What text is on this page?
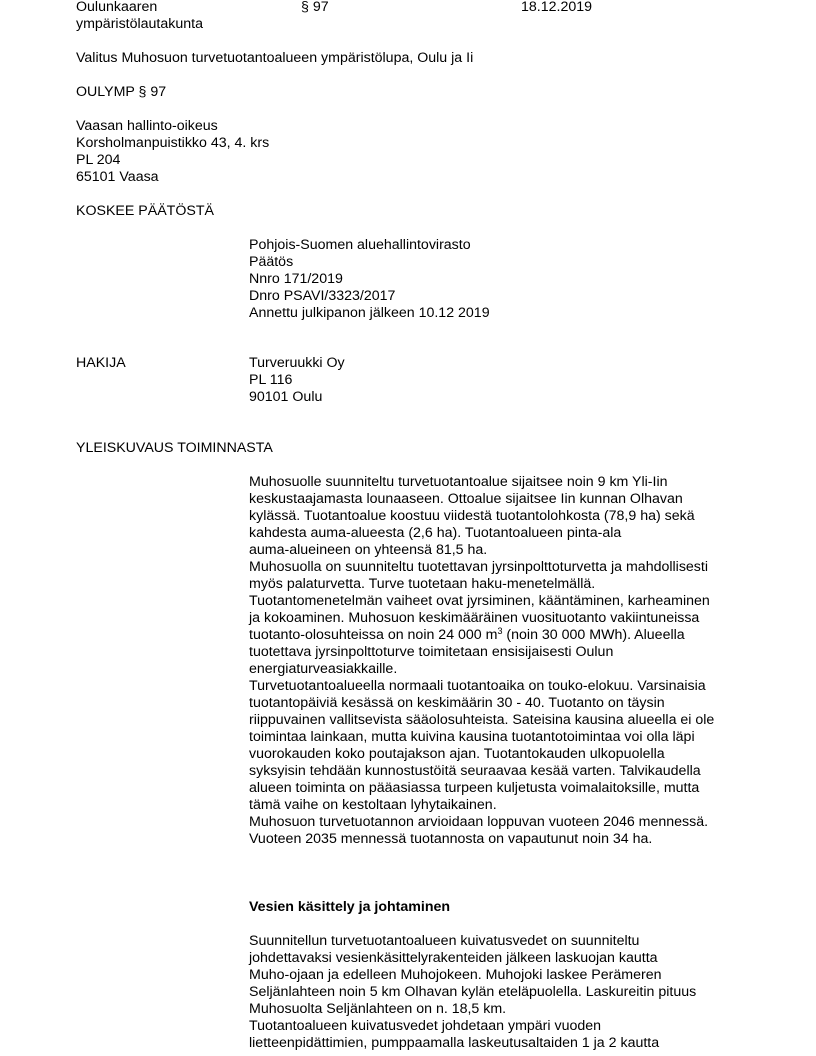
Oulunkaaren
ympäristölautakunta
§ 97	18.12.2019
Valitus Muhosuon turvetuotantoalueen ympäristölupa, Oulu ja Ii
OULYMP § 97
Vaasan hallinto-oikeus
Korsholmanpuistikko 43, 4. krs
PL 204
65101 Vaasa
KOSKEE PÄÄTÖSTÄ
Pohjois-Suomen aluehallintovirasto
Päätös
Nnro 171/2019
Dnro PSAVI/3323/2017
Annettu julkipanon jälkeen 10.12 2019
HAKIJA	Turveruukki Oy
PL 116
90101 Oulu
YLEISKUVAUS TOIMINNASTA
Muhosuolle suunniteltu turvetuotantoalue sijaitsee noin 9 km Yli-Iin
keskustaajamasta lounaaseen. Ottoalue sijaitsee Iin kunnan Olhavan
kylässä. Tuotantoalue koostuu viidestä tuotantolohkosta (78,9 ha) sekä
kahdesta auma-alueesta (2,6 ha). Tuotantoalueen pinta-ala
auma-alueineen on yhteensä 81,5 ha.
Muhosuolla on suunniteltu tuotettavan jyrsinpolttoturvetta ja mahdollisesti
myös palaturvetta. Turve tuotetaan haku-menetelmällä.
Tuotantomenetelmän vaiheet ovat jyrsiminen, kääntäminen, karheaminen
ja kokoaminen. Muhosuon keskimääräinen vuosituotanto vakiintuneissa
tuotanto-olosuhteissa on noin 24 000 $m^3$ (noin 30 000 MWh). Alueella
tuotettava jyrsinpolttoturve toimitetaan ensisijaisesti Oulun
energiaturveasiakkaille.
Turvetuotantoalueella normaali tuotantoaika on touko-elokuu. Varsinaisia
tuotantopäiviä kesässä on keskimäärin 30 - 40. Tuotanto on täysin
riippuvainen vallitsevista sääolosuhteista. Sateisina kausina alueella ei ole
toimintaa lainkaan, mutta kuivina kausina tuotantotoimintaa voi olla läpi
vuorokauden koko poutajakson ajan. Tuotantokauden ulkopuolella
syksyisin tehdään kunnostustöitä seuraavaa kesää varten. Talvikaudella
alueen toiminta on pääasiassa turpeen kuljetusta voimalaitoksille, mutta
tämä vaihe on kestoltaan lyhytaikainen.
Muhosuon turvetuotannon arvioidaan loppuvan vuoteen 2046 mennessä.
Vuoteen 2035 mennessä tuotannosta on vapautunut noin 34 ha.
Vesien käsittely ja johtaminen
Suunnitellun turvetuotantoalueen kuivatusvedet on suunniteltu
johdettavaksi vesienkäsittelyrakenteiden jälkeen laskuojan kautta
Muho-ojaan ja edelleen Muhojokeen. Muhojoki laskee Perämeren
Seljänlahteen noin 5 km Olhavan kylän eteläpuolella. Laskureitin pituus
Muhosuolta Seljänlahteen on n. 18,5 km.
Tuotantoalueen kuivatusvedet johdetaan ympäri vuoden
lietteenpidättimien, pumppaamalla laskeutusaltaiden 1 ja 2 kautta
